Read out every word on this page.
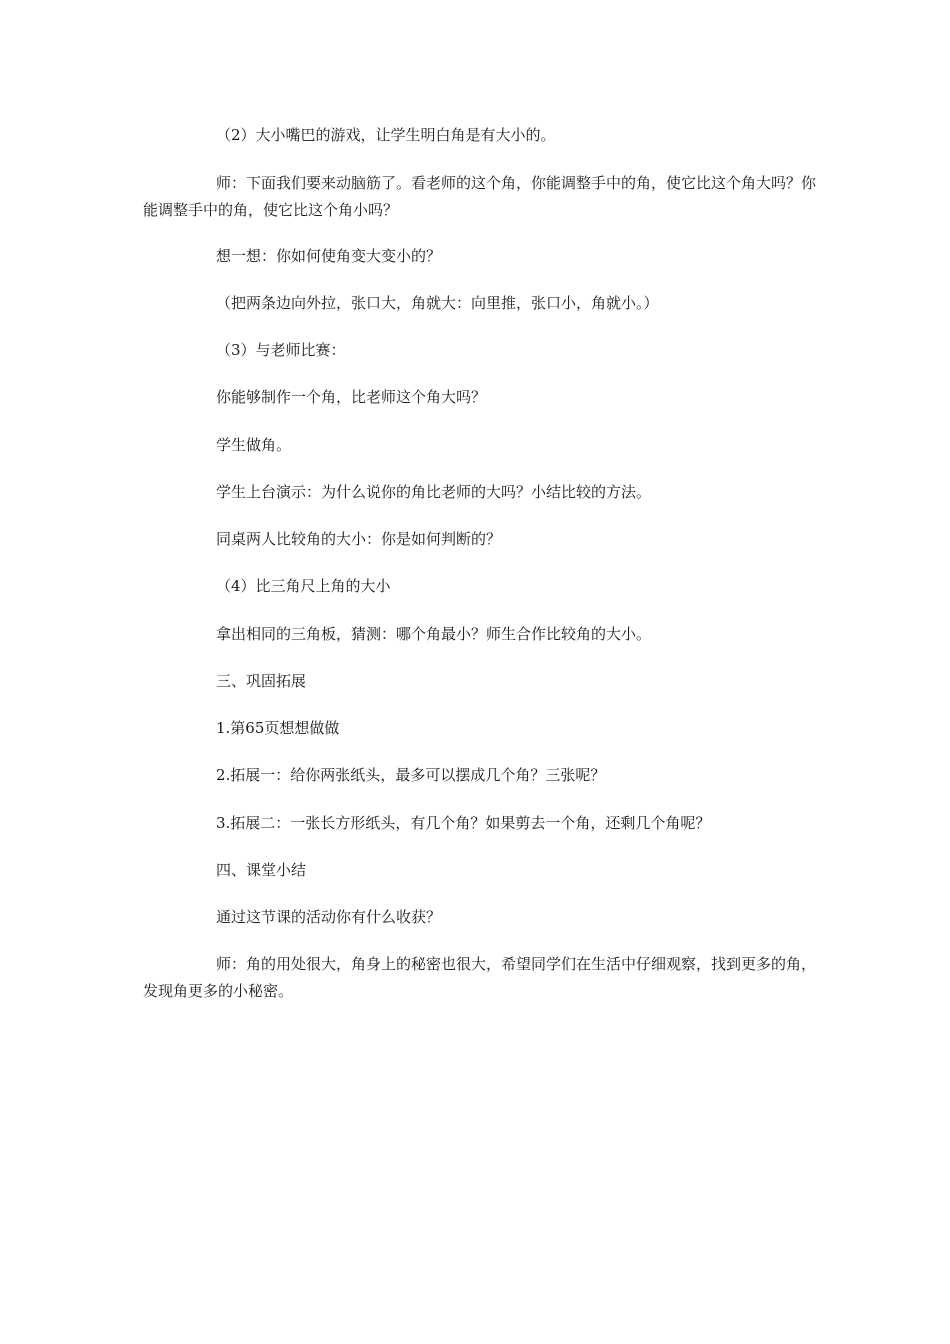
（2）大小嘴巴的游戏，让学生明白角是有大小的。

师：下面我们要来动脑筋了。看老师的这个角，你能调整手中的角，使它比这个角大吗？你能调整手中的角，使它比这个角小吗？

想一想：你如何使角变大变小的？

（把两条边向外拉，张口大，角就大：向里推，张口小，角就小。）

（3）与老师比赛：

你能够制作一个角，比老师这个角大吗？

学生做角。

学生上台演示：为什么说你的角比老师的大吗？小结比较的方法。

同桌两人比较角的大小：你是如何判断的？

（4）比三角尺上角的大小

拿出相同的三角板，猜测：哪个角最小？师生合作比较角的大小。

三、巩固拓展

1.第65页想想做做

2.拓展一：给你两张纸头，最多可以摆成几个角？三张呢？

3.拓展二：一张长方形纸头，有几个角？如果剪去一个角，还剩几个角呢？

四、课堂小结

通过这节课的活动你有什么收获？

师：角的用处很大，角身上的秘密也很大，希望同学们在生活中仔细观察，找到更多的角，发现角更多的小秘密。
